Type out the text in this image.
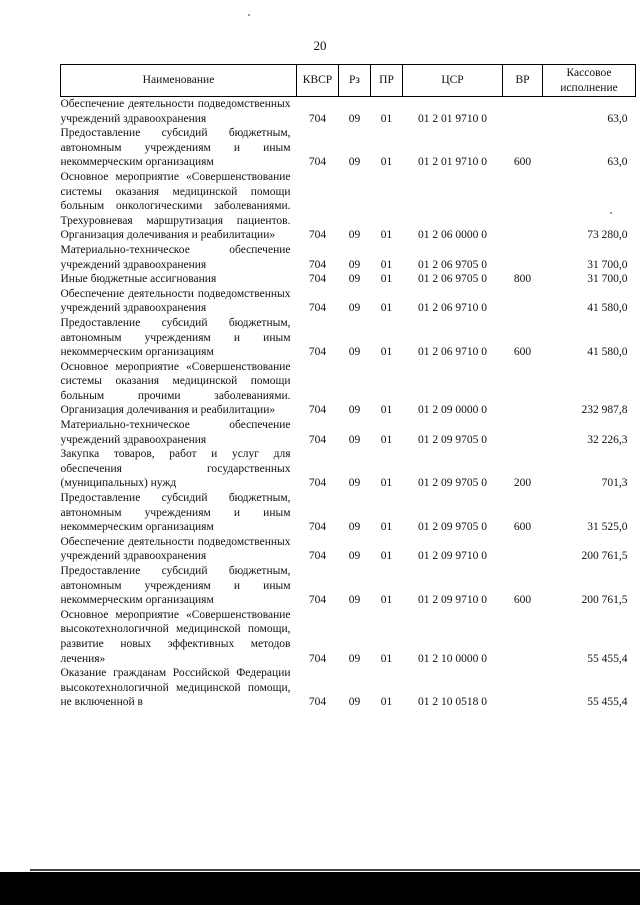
20
Наименование	КВСР	Рз	ПР	ЦСР	ВР	Кассовое исполнение
Обеспечение деятельности подведомственных учреждений здравоохранения	704	09	01	01 2 01 9710 0		63,0
Предоставление субсидий бюджетным, автономным учреждениям и иным некоммерческим организациям	704	09	01	01 2 01 9710 0	600	63,0
Основное мероприятие «Совершенствование системы оказания медицинской помощи больным онкологическими заболеваниями. Трехуровневая маршрутизация пациентов. Организация долечивания и реабилитации»	704	09	01	01 2 06 0000 0		73 280,0
Материально-техническое обеспечение учреждений здравоохранения	704	09	01	01 2 06 9705 0		31 700,0
Иные бюджетные ассигнования	704	09	01	01 2 06 9705 0	800	31 700,0
Обеспечение деятельности подведомственных учреждений здравоохранения	704	09	01	01 2 06 9710 0		41 580,0
Предоставление субсидий бюджетным, автономным учреждениям и иным некоммерческим организациям	704	09	01	01 2 06 9710 0	600	41 580,0
Основное мероприятие «Совершенствование системы оказания медицинской помощи больным прочими заболеваниями. Организация долечивания и реабилитации»	704	09	01	01 2 09 0000 0		232 987,8
Материально-техническое обеспечение учреждений здравоохранения	704	09	01	01 2 09 9705 0		32 226,3
Закупка товаров, работ и услуг для обеспечения государственных (муниципальных) нужд	704	09	01	01 2 09 9705 0	200	701,3
Предоставление субсидий бюджетным, автономным учреждениям и иным некоммерческим организациям	704	09	01	01 2 09 9705 0	600	31 525,0
Обеспечение деятельности подведомственных учреждений здравоохранения	704	09	01	01 2 09 9710 0		200 761,5
Предоставление субсидий бюджетным, автономным учреждениям и иным некоммерческим организациям	704	09	01	01 2 09 9710 0	600	200 761,5
Основное мероприятие «Совершенствование высокотехнологичной медицинской помощи, развитие новых эффективных методов лечения»	704	09	01	01 2 10 0000 0		55 455,4
Оказание гражданам Российской Федерации высокотехнологичной медицинской помощи, не включенной в	704	09	01	01 2 10 0518 0		55 455,4
